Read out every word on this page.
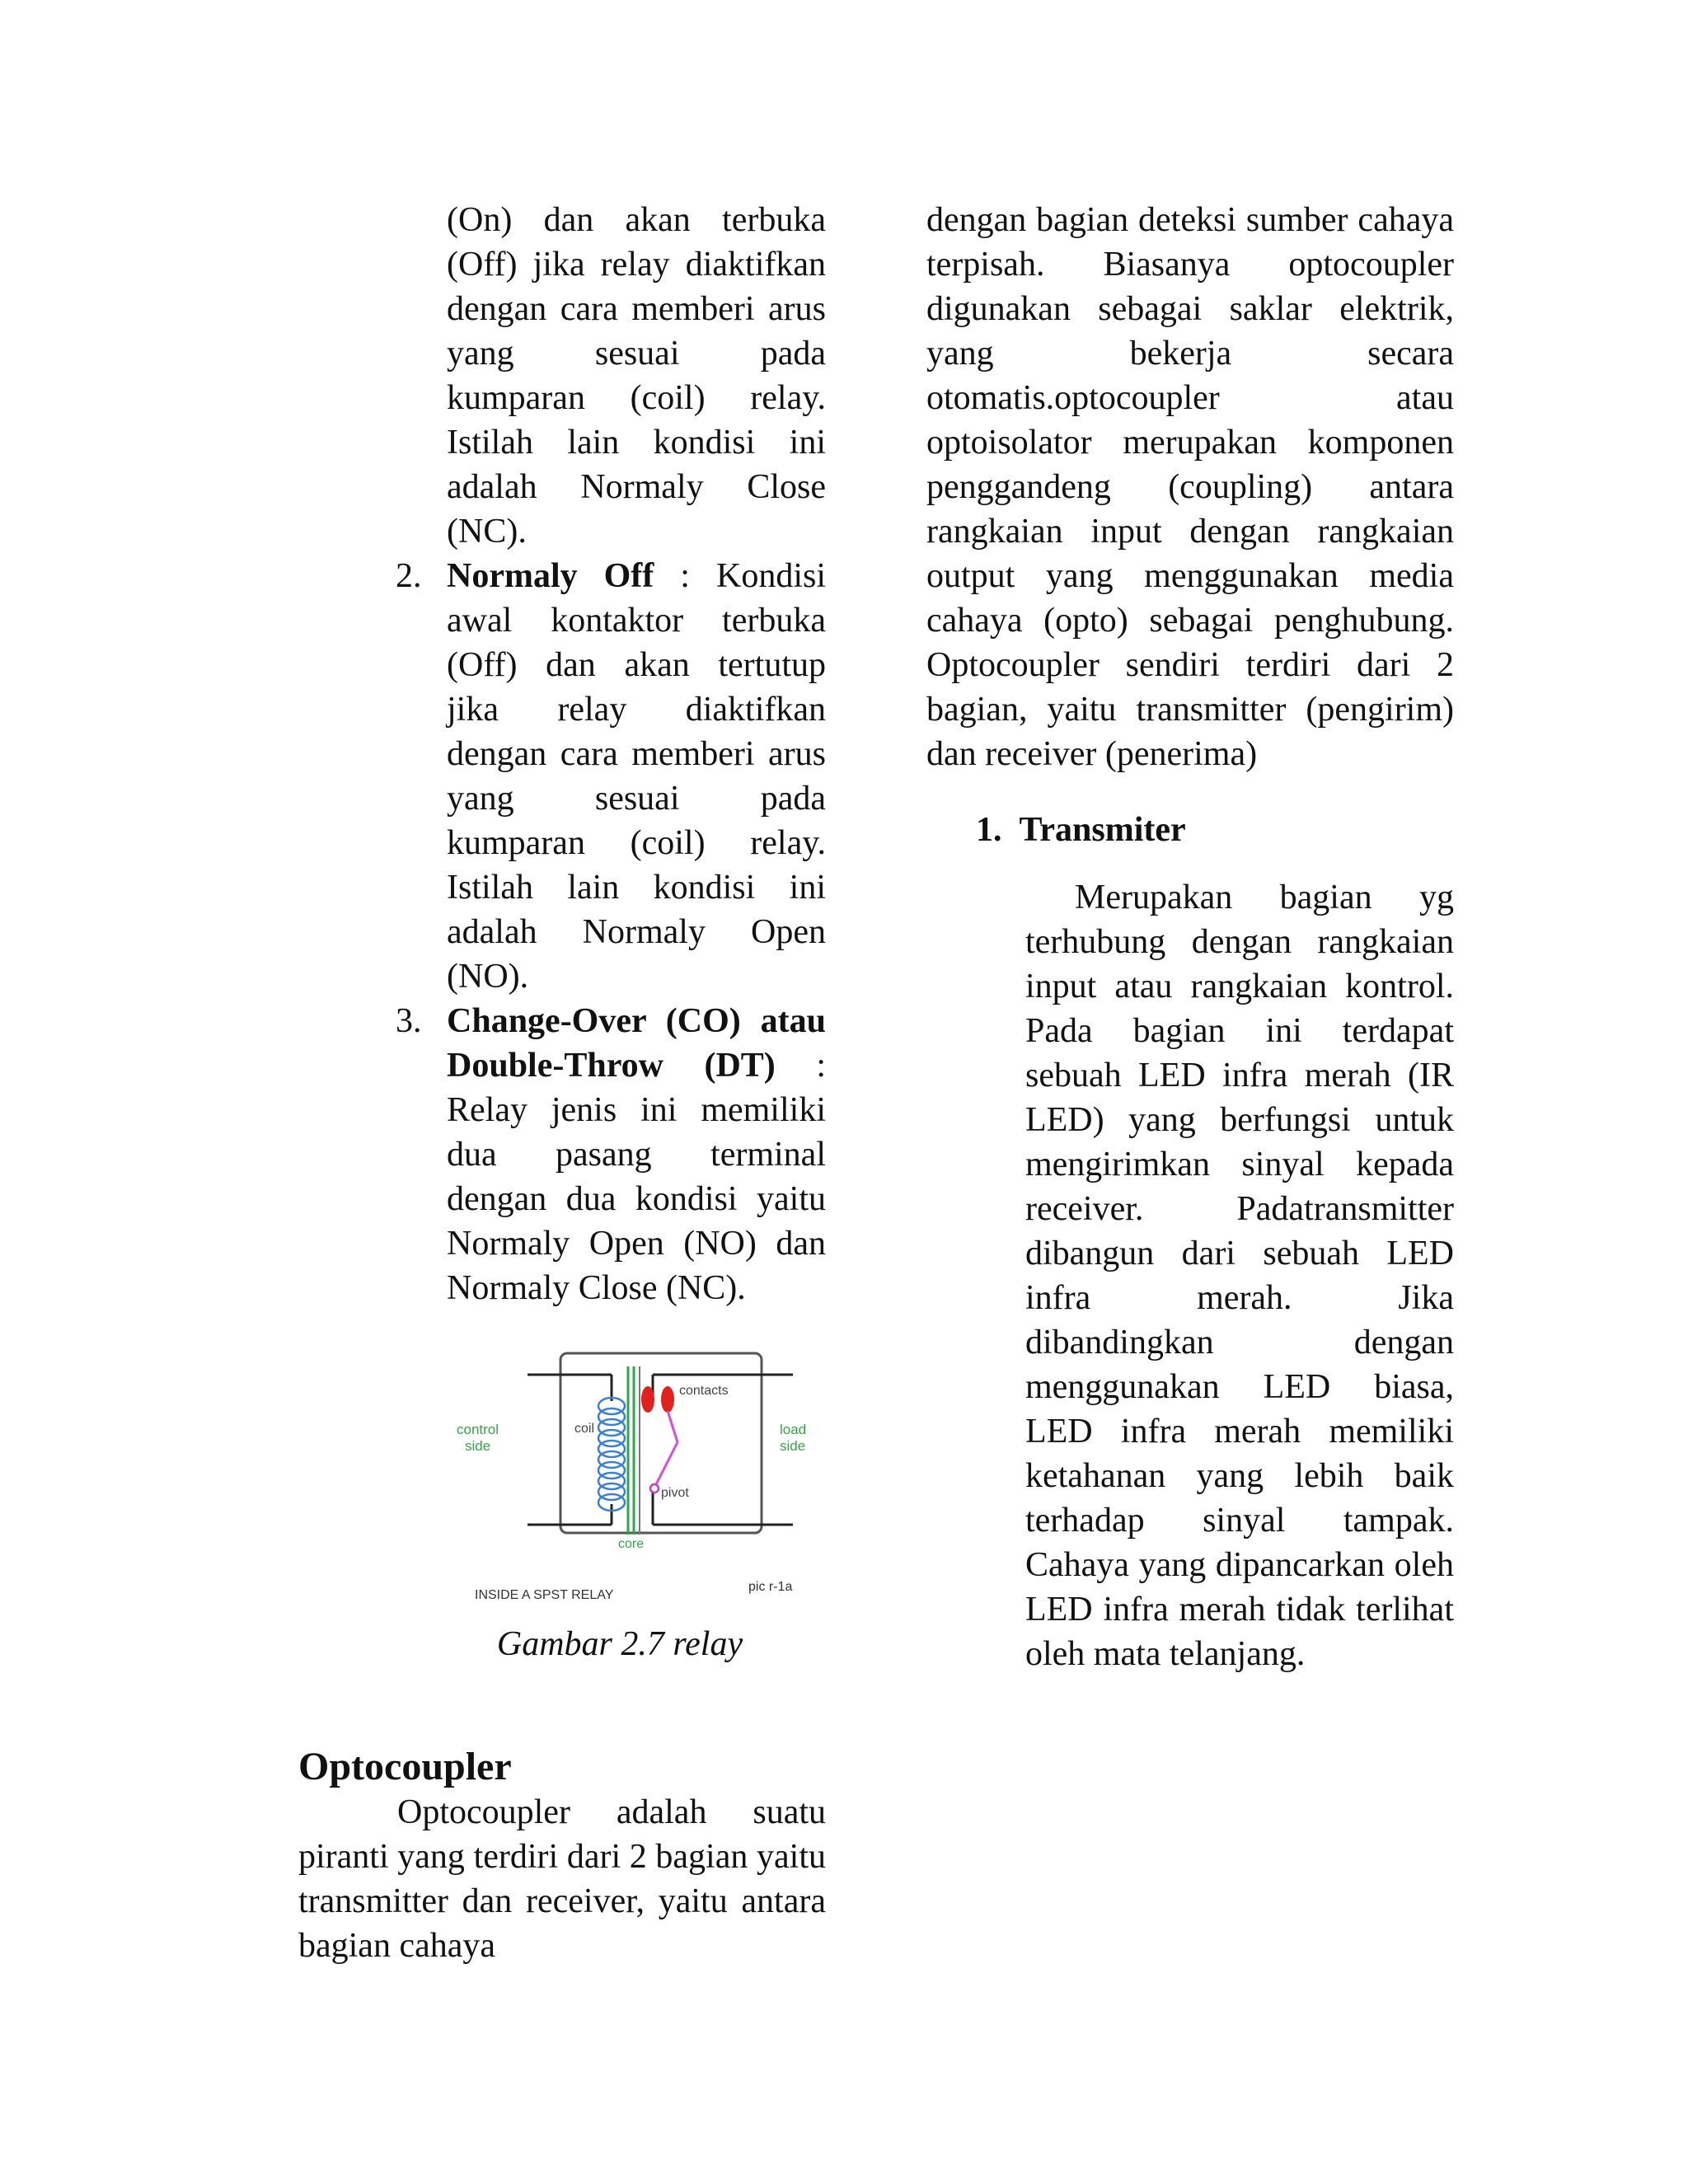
(On) dan akan terbuka (Off) jika relay diaktifkan dengan cara memberi arus yang sesuai pada kumparan (coil) relay. Istilah lain kondisi ini adalah Normaly Close (NC).

2. Normaly Off : Kondisi awal kontaktor terbuka (Off) dan akan tertutup jika relay diaktifkan dengan cara memberi arus yang sesuai pada kumparan (coil) relay. Istilah lain kondisi ini adalah Normaly Open (NO).
3. Change-Over (CO) atau Double-Throw (DT) : Relay jenis ini memiliki dua pasang terminal dengan dua kondisi yaitu Normaly Open (NO) dan Normaly Close (NC).
control
side
load
side
coil
contacts
pivot
core
INSIDE A SPST RELAY
pic r-1a

Gambar 2.7 relay

Optocoupler

Optocoupler adalah suatu piranti yang terdiri dari 2 bagian yaitu transmitter dan receiver, yaitu antara bagian cahaya

dengan bagian deteksi sumber cahaya terpisah. Biasanya optocoupler digunakan sebagai saklar elektrik, yang bekerja secara otomatis.optocoupler atau optoisolator merupakan komponen penggandeng (coupling) antara rangkaian input dengan rangkaian output yang menggunakan media cahaya (opto) sebagai penghubung. Optocoupler sendiri terdiri dari 2 bagian, yaitu transmitter (pengirim) dan receiver (penerima)

1. Transmiter

Merupakan bagian yg terhubung dengan rangkaian input atau rangkaian kontrol. Pada bagian ini terdapat sebuah LED infra merah (IR LED) yang berfungsi untuk mengirimkan sinyal kepada receiver. Padatransmitter dibangun dari sebuah LED infra merah. Jika dibandingkan dengan menggunakan LED biasa, LED infra merah memiliki ketahanan yang lebih baik terhadap sinyal tampak. Cahaya yang dipancarkan oleh LED infra merah tidak terlihat oleh mata telanjang.
